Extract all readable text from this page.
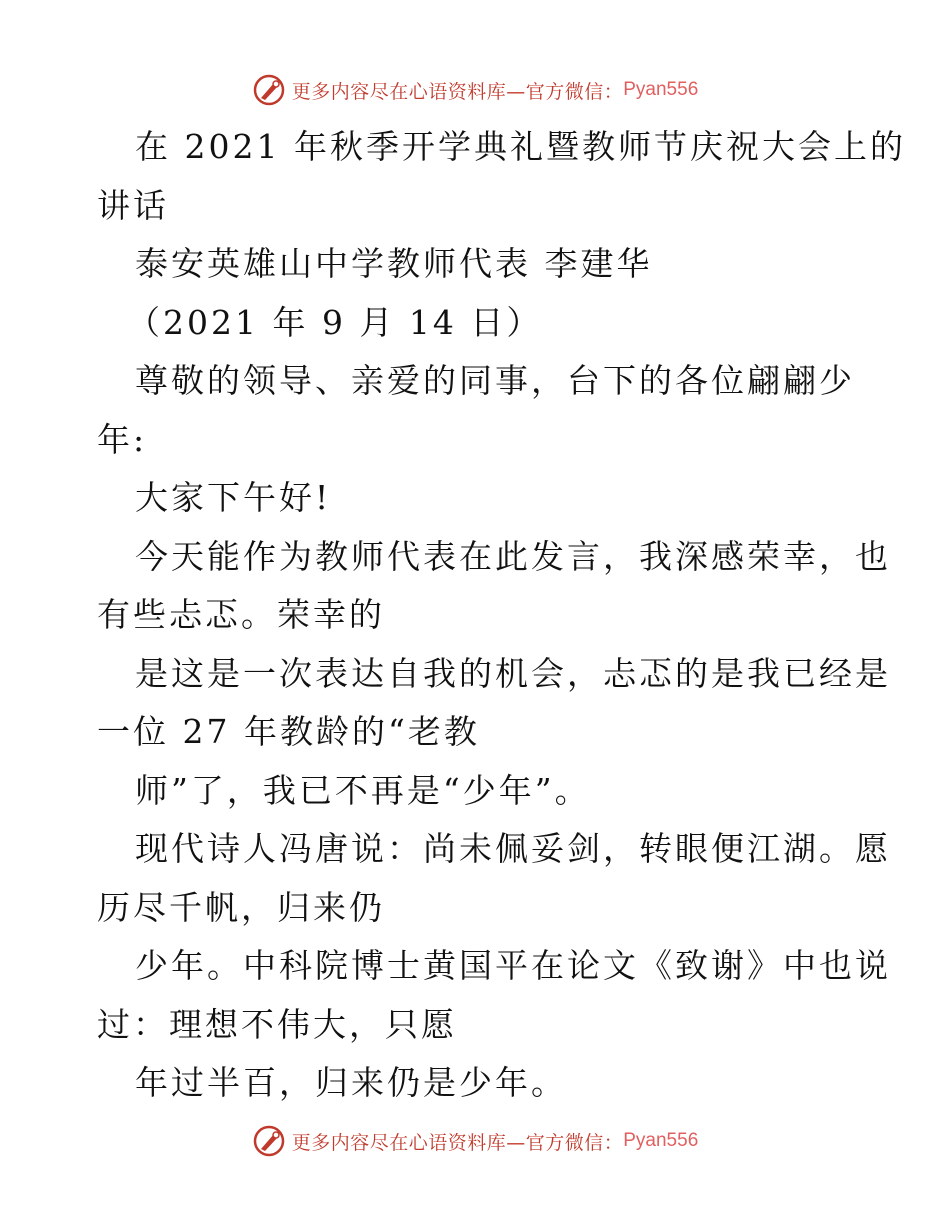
更多内容尽在心语资料库—官方微信： Pyan556
在 2021 年秋季开学典礼暨教师节庆祝大会上的
讲话
泰安英雄山中学教师代表 李建华
（2021 年 9 月 14 日）
尊敬的领导、亲爱的同事，台下的各位翩翩少
年:
大家下午好!
今天能作为教师代表在此发言，我深感荣幸，也
有些忐忑。荣幸的
是这是一次表达自我的机会，忐忑的是我已经是
一位 27 年教龄的“老教
师”了，我已不再是“少年”。
现代诗人冯唐说：尚未佩妥剑，转眼便江湖。愿
历尽千帆，归来仍
少年。中科院博士黄国平在论文《致谢》中也说
过：理想不伟大，只愿
年过半百，归来仍是少年。
更多内容尽在心语资料库—官方微信： Pyan556
